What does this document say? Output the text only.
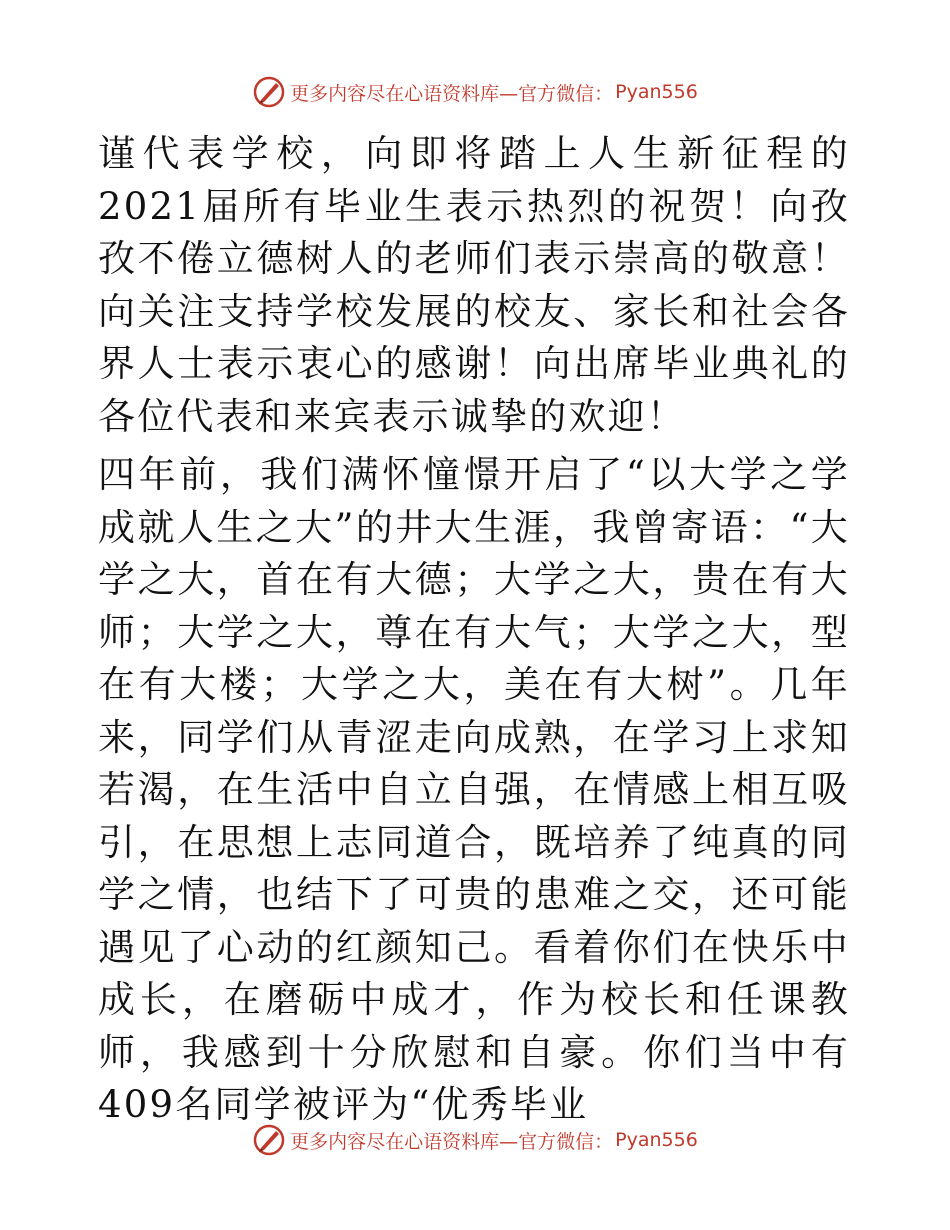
更多内容尽在心语资料库—官方微信： Pyan556

谨代表学校，向即将踏上人生新征程的2021届所有毕业生表示热烈的祝贺！向孜孜不倦立德树人的老师们表示崇高的敬意！向关注支持学校发展的校友、家长和社会各界人士表示衷心的感谢！向出席毕业典礼的各位代表和来宾表示诚挚的欢迎！

四年前，我们满怀憧憬开启了“以大学之学成就人生之大”的井大生涯，我曾寄语：“大学之大，首在有大德；大学之大，贵在有大师；大学之大，尊在有大气；大学之大，型在有大楼；大学之大，美在有大树”。几年来，同学们从青涩走向成熟，在学习上求知若渴，在生活中自立自强，在情感上相互吸引，在思想上志同道合，既培养了纯真的同学之情，也结下了可贵的患难之交，还可能遇见了心动的红颜知己。看着你们在快乐中成长，在磨砺中成才，作为校长和任课教师，我感到十分欣慰和自豪。你们当中有409名同学被评为“优秀毕业

更多内容尽在心语资料库—官方微信： Pyan556
